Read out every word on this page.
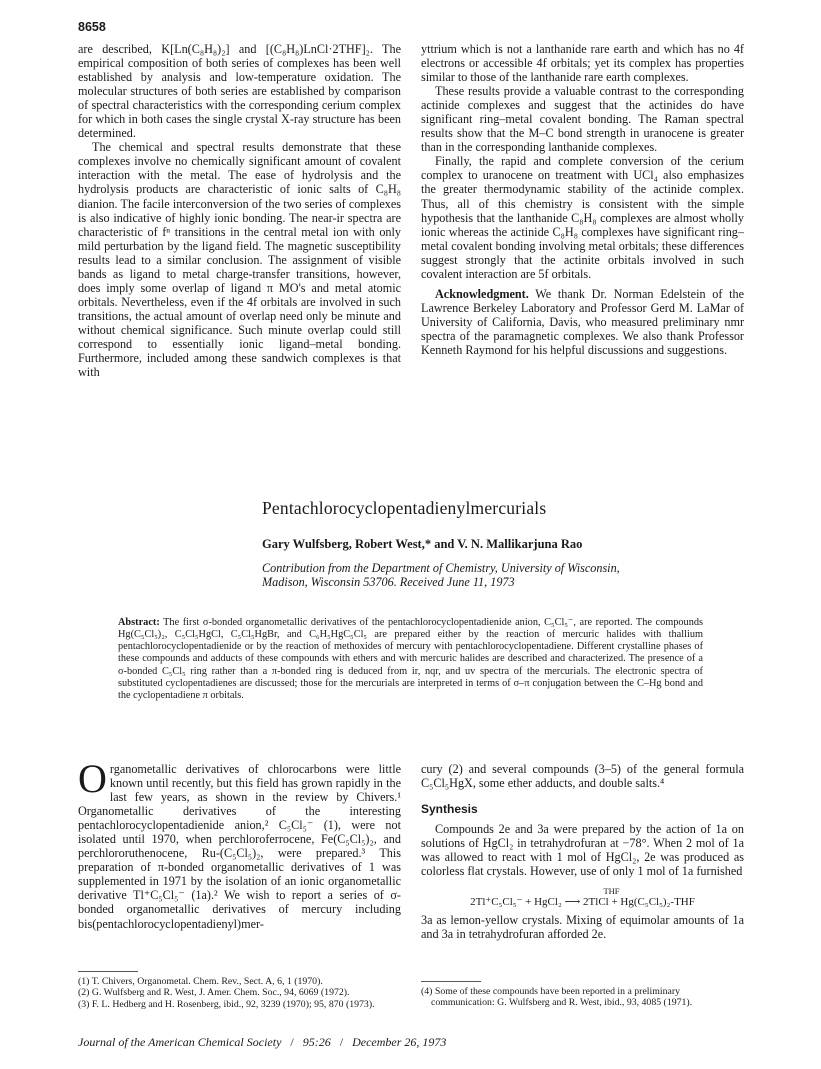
8658

are described, K[Ln(C₈H₈)₂] and [(C₈H₈)LnCl·2THF]₂. The empirical composition of both series of complexes has been well established by analysis and low-temperature oxidation. The molecular structures of both series are established by comparison of spectral characteristics with the corresponding cerium complex for which in both cases the single crystal X-ray structure has been determined.

The chemical and spectral results demonstrate that these complexes involve no chemically significant amount of covalent interaction with the metal. The ease of hydrolysis and the hydrolysis products are characteristic of ionic salts of C₈H₈ dianion. The facile interconversion of the two series of complexes is also indicative of highly ionic bonding. The near-ir spectra are characteristic of fⁿ transitions in the central metal ion with only mild perturbation by the ligand field. The magnetic susceptibility results lead to a similar conclusion. The assignment of visible bands as ligand to metal charge-transfer transitions, however, does imply some overlap of ligand π MO's and metal atomic orbitals. Nevertheless, even if the 4f orbitals are involved in such transitions, the actual amount of overlap need only be minute and without chemical significance. Such minute overlap could still correspond to essentially ionic ligand–metal bonding. Furthermore, included among these sandwich complexes is that with

yttrium which is not a lanthanide rare earth and which has no 4f electrons or accessible 4f orbitals; yet its complex has properties similar to those of the lanthanide rare earth complexes.

These results provide a valuable contrast to the corresponding actinide complexes and suggest that the actinides do have significant ring–metal covalent bonding. The Raman spectral results show that the M–C bond strength in uranocene is greater than in the corresponding lanthanide complexes.

Finally, the rapid and complete conversion of the cerium complex to uranocene on treatment with UCl₄ also emphasizes the greater thermodynamic stability of the actinide complex. Thus, all of this chemistry is consistent with the simple hypothesis that the lanthanide C₈H₈ complexes are almost wholly ionic whereas the actinide C₈H₈ complexes have significant ring–metal covalent bonding involving metal orbitals; these differences suggest strongly that the actinite orbitals involved in such covalent interaction are 5f orbitals.

Acknowledgment. We thank Dr. Norman Edelstein of the Lawrence Berkeley Laboratory and Professor Gerd M. LaMar of University of California, Davis, who measured preliminary nmr spectra of the paramagnetic complexes. We also thank Professor Kenneth Raymond for his helpful discussions and suggestions.

Pentachlorocyclopentadienylmercurials
Gary Wulfsberg, Robert West,* and V. N. Mallikarjuna Rao
Contribution from the Department of Chemistry, University of Wisconsin,
Madison, Wisconsin 53706. Received June 11, 1973
Abstract: The first σ-bonded organometallic derivatives of the pentachlorocyclopentadienide anion, C₅Cl₅⁻, are reported. The compounds Hg(C₅Cl₅)₂, C₅Cl₅HgCl, C₅Cl₅HgBr, and C₆H₅HgC₅Cl₅ are prepared either by the reaction of mercuric halides with thallium pentachlorocyclopentadienide or by the reaction of methoxides of mercury with pentachlorocyclopentadiene. Different crystalline phases of these compounds and adducts of these compounds with ethers and with mercuric halides are described and characterized. The presence of a σ-bonded C₅Cl₅ ring rather than a π-bonded ring is deduced from ir, nqr, and uv spectra of the mercurials. The electronic spectra of substituted cyclopentadienes are discussed; those for the mercurials are interpreted in terms of σ–π conjugation between the C–Hg bond and the cyclopentadiene π orbitals.

Organometallic derivatives of chlorocarbons were little known until recently, but this field has grown rapidly in the last few years, as shown in the review by Chivers.¹ Organometallic derivatives of the interesting pentachlorocyclopentadienide anion,² C₅Cl₅⁻ (1), were not isolated until 1970, when perchloroferrocene, Fe(C₅Cl₅)₂, and perchlororuthenocene, Ru-(C₅Cl₅)₂, were prepared.³ This preparation of π-bonded organometallic derivatives of 1 was supplemented in 1971 by the isolation of an ionic organometallic derivative Tl⁺C₅Cl₅⁻ (1a).² We wish to report a series of σ-bonded organometallic derivatives of mercury including bis(pentachlorocyclopentadienyl)mer-

cury (2) and several compounds (3–5) of the general formula C₅Cl₅HgX, some ether adducts, and double salts.⁴

Synthesis

Compounds 2e and 3a were prepared by the action of 1a on solutions of HgCl₂ in tetrahydrofuran at −78°. When 2 mol of 1a was allowed to react with 1 mol of HgCl₂, 2e was produced as colorless flat crystals. However, use of only 1 mol of 1a furnished

THF
2Tl⁺C₅Cl₅⁻ + HgCl₂ ⟶ 2TlCl + Hg(C₅Cl₅)₂-THF

3a as lemon-yellow crystals. Mixing of equimolar amounts of 1a and 3a in tetrahydrofuran afforded 2e.

(1) T. Chivers, Organometal. Chem. Rev., Sect. A, 6, 1 (1970).

(2) G. Wulfsberg and R. West, J. Amer. Chem. Soc., 94, 6069 (1972).

(3) F. L. Hedberg and H. Rosenberg, ibid., 92, 3239 (1970); 95, 870 (1973).

(4) Some of these compounds have been reported in a preliminary communication: G. Wulfsberg and R. West, ibid., 93, 4085 (1971).

Journal of the American Chemical Society / 95:26 / December 26, 1973
